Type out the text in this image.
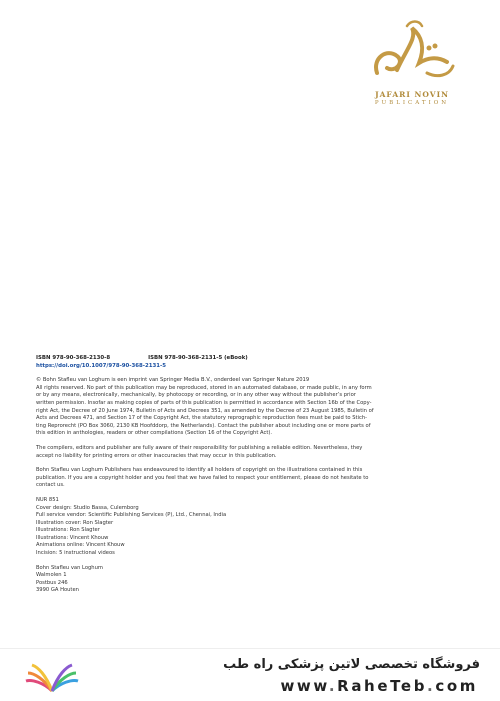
JAFARI NOVIN
PUBLICATION
ISBN 978-90-368-2130-8	ISBN 978-90-368-2131-5 (eBook)
https://doi.org/10.1007/978-90-368-2131-5
© Bohn Stafleu van Loghum is een imprint van Springer Media B.V., onderdeel van Springer Nature 2019
All rights reserved. No part of this publication may be reproduced, stored in an automated database, or made public, in any form
or by any means, electronically, mechanically, by photocopy or recording, or in any other way without the publisher’s prior
written permission. Insofar as making copies of parts of this publication is permitted in accordance with Section 16b of the Copy-
right Act, the Decree of 20 June 1974, Bulletin of Acts and Decrees 351, as amended by the Decree of 23 August 1985, Bulletin of
Acts and Decrees 471, and Section 17 of the Copyright Act, the statutory reprographic reproduction fees must be paid to Stich-
ting Reprorecht (PO Box 3060, 2130 KB Hoofddorp, the Netherlands). Contact the publisher about including one or more parts of
this edition in anthologies, readers or other compilations (Section 16 of the Copyright Act).
The compilers, editors and publisher are fully aware of their responsibility for publishing a reliable edition. Nevertheless, they
accept no liability for printing errors or other inaccuracies that may occur in this publication.
Bohn Stafleu van Loghum Publishers has endeavoured to identify all holders of copyright on the illustrations contained in this
publication. If you are a copyright holder and you feel that we have failed to respect your entitlement, please do not hesitate to
contact us.
NUR 851
Cover design: Studio Bassa, Culemborg
Full service vendor: Scientific Publishing Services (P), Ltd., Chennai, India
Illustration cover: Ron Slagter
Illustrations: Ron Slagter
Illustrations: Vincent Khouw
Animations online: Vincent Khouw
Incision: 5 instructional videos
Bohn Stafleu van Loghum
Walmolen 1
Postbus 246
3990 GA Houten
فروشگاه تخصصی لاتین پزشکی راه طب
www.RaheTeb.com
